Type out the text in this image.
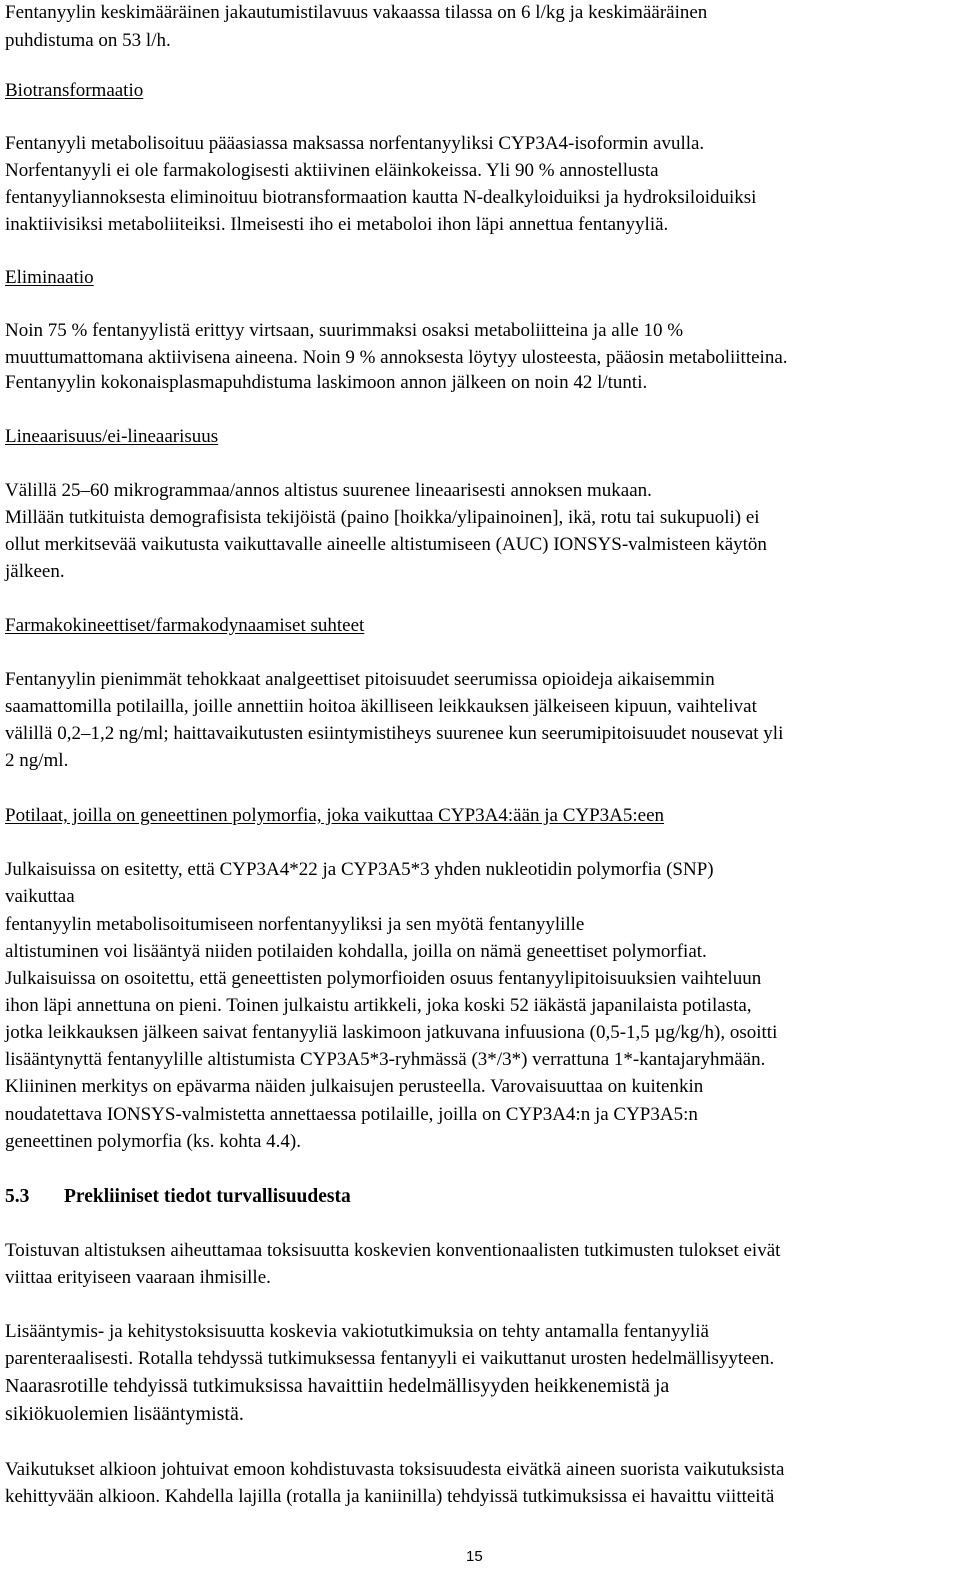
Fentanyylin keskimääräinen jakautumistilavuus vakaassa tilassa on 6 l/kg ja keskimääräinen
puhdistuma on 53 l/h.
Biotransformaatio
Fentanyyli metabolisoituu pääasiassa maksassa norfentanyyliksi CYP3A4-isoformin avulla.
Norfentanyyli ei ole farmakologisesti aktiivinen eläinkokeissa. Yli 90 % annostellusta
fentanyyliannoksesta eliminoituu biotransformaation kautta N-dealkyloiduiksi ja hydroksiloiduiksi
inaktiivisiksi metaboliiteiksi. Ilmeisesti iho ei metaboloi ihon läpi annettua fentanyyliä.
Eliminaatio
Noin 75 % fentanyylistä erittyy virtsaan, suurimmaksi osaksi metaboliitteina ja alle 10 %
muuttumattomana aktiivisena aineena. Noin 9 % annoksesta löytyy ulosteesta, pääosin metaboliitteina.
Fentanyylin kokonaisplasmapuhdistuma laskimoon annon jälkeen on noin 42 l/tunti.
Lineaarisuus/ei-lineaarisuus
Välillä 25–60 mikrogrammaa/annos altistus suurenee lineaarisesti annoksen mukaan.
Millään tutkituista demografisista tekijöistä (paino [hoikka/ylipainoinen], ikä, rotu tai sukupuoli) ei
ollut merkitsevää vaikutusta vaikuttavalle aineelle altistumiseen (AUC) IONSYS-valmisteen käytön
jälkeen.
Farmakokineettiset/farmakodynaamiset suhteet
Fentanyylin pienimmät tehokkaat analgeettiset pitoisuudet seerumissa opioideja aikaisemmin
saamattomilla potilailla, joille annettiin hoitoa äkilliseen leikkauksen jälkeiseen kipuun, vaihtelivat
välillä 0,2–1,2 ng/ml; haittavaikutusten esiintymistiheys suurenee kun seerumipitoisuudet nousevat yli
2 ng/ml.
Potilaat, joilla on geneettinen polymorfia, joka vaikuttaa CYP3A4:ään ja CYP3A5:een
Julkaisuissa on esitetty, että CYP3A4*22 ja CYP3A5*3 yhden nukleotidin polymorfia (SNP)
vaikuttaa
fentanyylin metabolisoitumiseen norfentanyyliksi ja sen myötä fentanyylille
altistuminen voi lisääntyä niiden potilaiden kohdalla, joilla on nämä geneettiset polymorfiat.
Julkaisuissa on osoitettu, että geneettisten polymorfioiden osuus fentanyylipitoisuuksien vaihteluun
ihon läpi annettuna on pieni. Toinen julkaistu artikkeli, joka koski 52 iäkästä japanilaista potilasta,
jotka leikkauksen jälkeen saivat fentanyyliä laskimoon jatkuvana infuusiona (0,5-1,5 µg/kg/h), osoitti
lisääntynyttä fentanyylille altistumista CYP3A5*3-ryhmässä (3*/3*) verrattuna 1*-kantajaryhmään.
Kliininen merkitys on epävarma näiden julkaisujen perusteella. Varovaisuuttaa on kuitenkin
noudatettava IONSYS-valmistetta annettaessa potilaille, joilla on CYP3A4:n ja CYP3A5:n
geneettinen polymorfia (ks. kohta 4.4).
5.3 Prekliiniset tiedot turvallisuudesta
Toistuvan altistuksen aiheuttamaa toksisuutta koskevien konventionaalisten tutkimusten tulokset eivät
viittaa erityiseen vaaraan ihmisille.
Lisääntymis- ja kehitystoksisuutta koskevia vakiotutkimuksia on tehty antamalla fentanyyliä
parenteraalisesti. Rotalla tehdyssä tutkimuksessa fentanyyli ei vaikuttanut urosten hedelmällisyyteen.
Naarasrotille tehdyissä tutkimuksissa havaittiin hedelmällisyyden heikkenemistä ja
sikiökuolemien lisääntymistä.
Vaikutukset alkioon johtuivat emoon kohdistuvasta toksisuudesta eivätkä aineen suorista vaikutuksista
kehittyvään alkioon. Kahdella lajilla (rotalla ja kaniinilla) tehdyissä tutkimuksissa ei havaittu viitteitä
15
